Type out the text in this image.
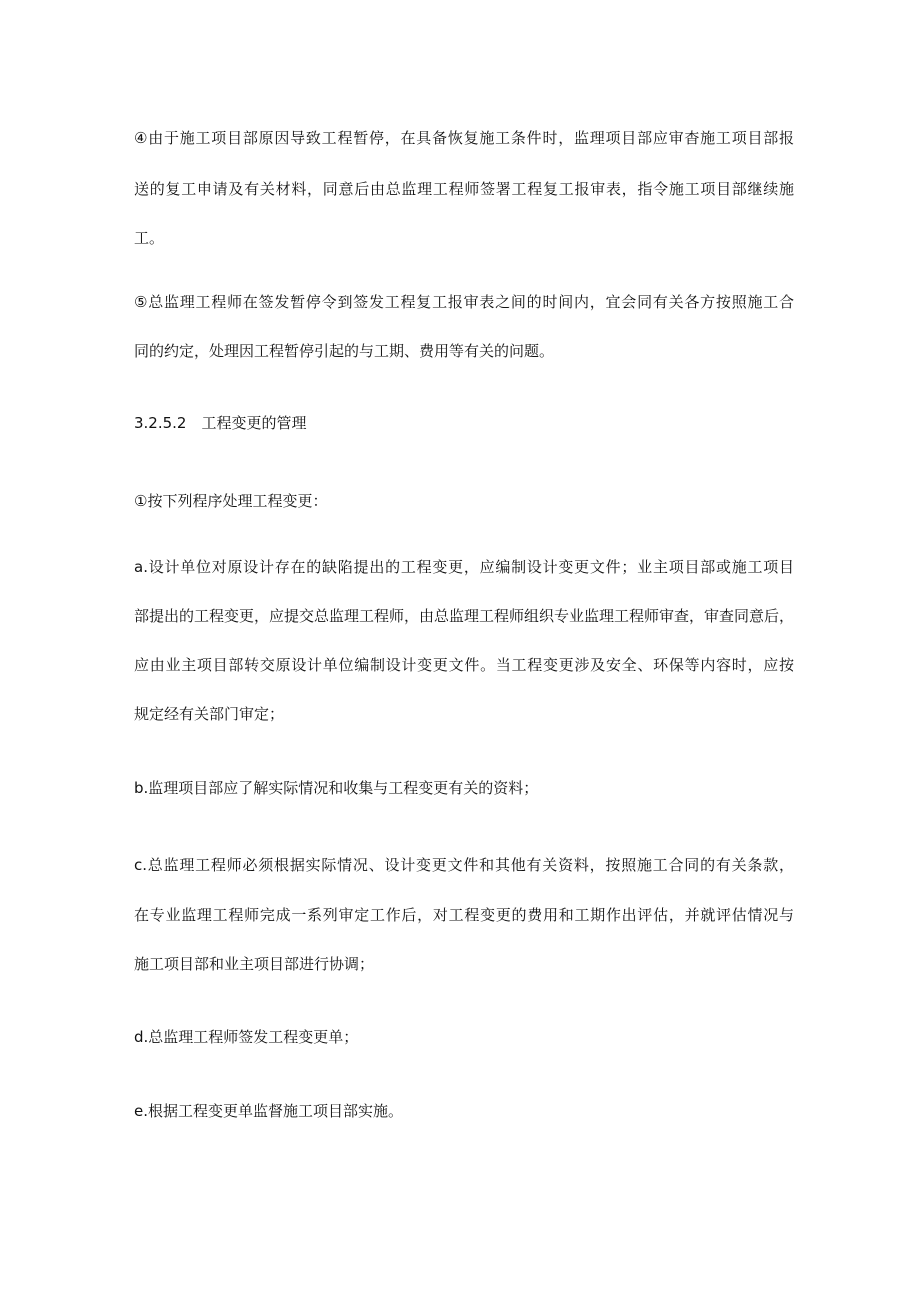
④由于施工项目部原因导致工程暂停，在具备恢复施工条件时，监理项目部应审杳施工项目部报
送的复工申请及有关材料，同意后由总监理工程师签署工程复工报审表，指令施工项目部继续施
工。
⑤总监理工程师在签发暂停令到签发工程复工报审表之间的时间内，宜会同有关各方按照施工合
同的约定，处理因工程暂停引起的与工期、费用等有关的问题。
3.2.5.2　工程变更的管理
①按下列程序处理工程变更：
a.设计单位对原设计存在的缺陷提出的工程变更，应编制设计变更文件；业主项目部或施工项目
部提出的工程变更，应提交总监理工程师，由总监理工程师组织专业监理工程师审查，审查同意后，
应由业主项目部转交原设计单位编制设计变更文件。当工程变更涉及安全、环保等内容时，应按
规定经有关部门审定；
b.监理项目部应了解实际情况和收集与工程变更有关的资料；
c.总监理工程师必须根据实际情况、设计变更文件和其他有关资料，按照施工合同的有关条款，
在专业监理工程师完成一系列审定工作后，对工程变更的费用和工期作出评估，并就评估情况与
施工项目部和业主项目部进行协调；
d.总监理工程师签发工程变更单；
e.根据工程变更单监督施工项目部实施。
